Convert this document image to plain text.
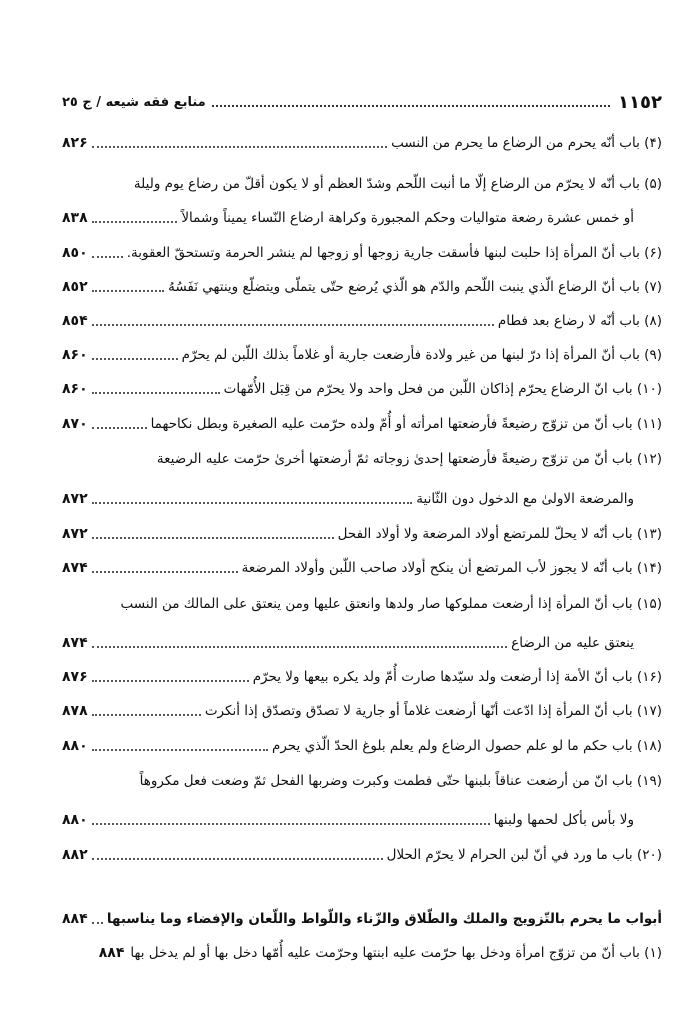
١١٥٢
منابع فقه شيعه / ج ٢٥
(۴) باب أنّه يحرم من الرضاع ما يحرم من النسب
٨٢۶
(۵) باب أنّه لا يحرّم من الرضاع إلّا ما أنبت اللّحم وشدّ العظم أو لا يكون أقلّ من رضاع يوم وليلة
أو خمس عشرة رضعة متواليات وحكم المجبورة وكراهة ارضاع النّساء يميناً وشمالاً
٨٣٨
(۶) باب أنّ المرأة إذا حلبت لبنها فأسقت جارية زوجها أو زوجها لم ينشر الحرمة وتستحقّ العقوبة.
٨٥٠
(٧) باب أنّ الرضاع الّذي ينبت اللّحم والدّم هو الّذي يُرضع حتّى يتملّى ويتضلّع وينتهي نَفَسُهُ
٨٥٢
(٨) باب أنّه لا رضاع بعد فطام
٨٥۴
(٩) باب أنّ المرأة إذا درّ لبنها من غير ولادة فأرضعت جارية أو غلاماً بذلك اللّبن لم يحرّم
٨۶٠
(١٠) باب انّ الرضاع يحرّم إذاكان اللّبن من فحل واحد ولا يحرّم من قِبَل الأُمّهات
٨۶٠
(١١) باب أنّ من تزوّج رضيعةً فأرضعتها امرأته أو أُمّ ولده حرّمت عليه الصغيرة وبطل نكاحهما
٨٧٠
(١٢) باب أنّ من تزوّج رضيعةً فأرضعتها إحدىٰ زوجاته ثمّ أرضعتها أخرىٰ حرّمت عليه الرضيعة
والمرضعة الاولىٰ مع الدخول دون الثّانية
٨٧٢
(١٣) باب أنّه لا يحلّ للمرتضع أولاد المرضعة ولا أولاد الفحل
٨٧٢
(١۴) باب أنّه لا يجوز لأب المرتضع أن ينكح أولاد صاحب اللّبن وأولاد المرضعة
٨٧۴
(١۵) باب أنّ المرأة إذا أرضعت مملوكها صار ولدها وانعتق عليها ومن ينعتق على المالك من النسب
ينعتق عليه من الرضاع
٨٧۴
(١۶) باب أنّ الأمة إذا أرضعت ولد سيّدها صارت أُمّ ولد يكره بيعها ولا يحرّم
٨٧۶
(١٧) باب أنّ المرأة إذا ادّعت أنّها أرضعت غلاماً أو جارية لا تصدّق وتصدّق إذا أنكرت
٨٧٨
(١٨) باب حكم ما لو علم حصول الرضاع ولم يعلم بلوغ الحدّ الّذي يحرم
٨٨٠
(١٩) باب انّ من أرضعت عناقاً بلبنها حتّى فطمت وكبرت وضربها الفحل ثمّ وضعت فعل مكروهاً
ولا بأس بأكل لحمها ولبنها
٨٨٠
(٢٠) باب ما ورد في أنّ لبن الحرام لا يحرّم الحلال
٨٨٢
أبواب ما يحرم بالتّزويج والملك والطّلاق والزّناء واللّواط واللّعان والإفضاء وما يناسبها
٨٨۴
(١) باب أنّ من تزوّج امرأة ودخل بها حرّمت عليه ابنتها وحرّمت عليه أُمّها دخل بها أو لم يدخل بها
٨٨۴
